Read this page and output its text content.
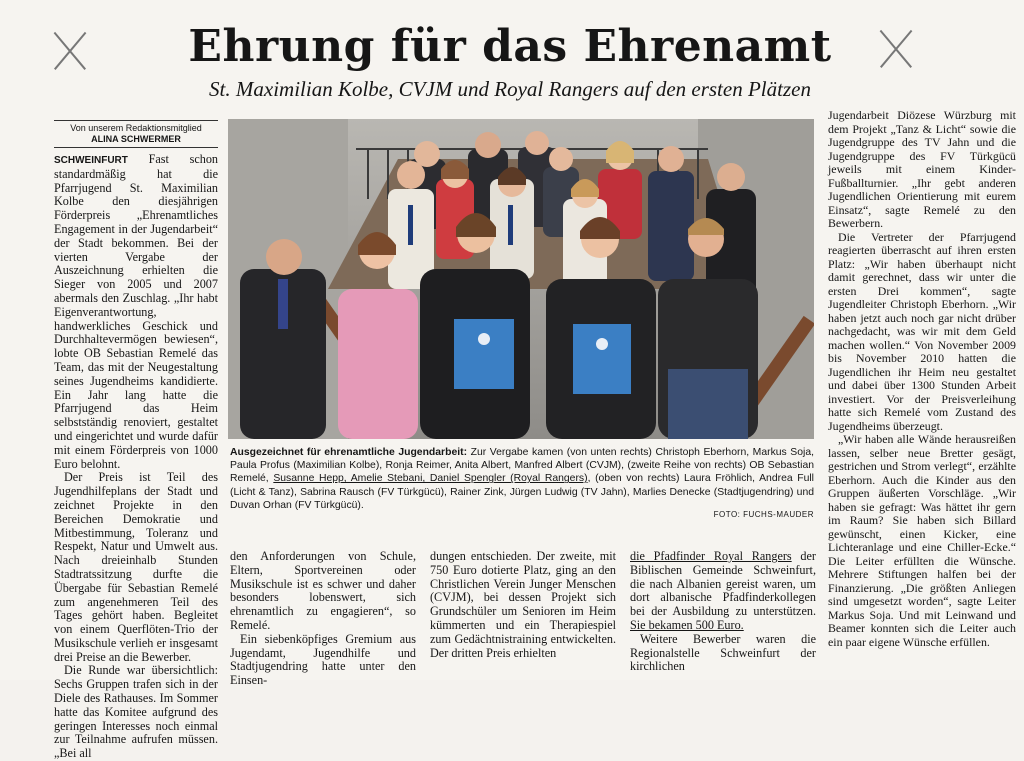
Ehrung für das Ehrenamt
St. Maximilian Kolbe, CVJM und Royal Rangers auf den ersten Plätzen
Von unserem Redaktionsmitglied
ALINA SCHWERMER

SCHWEINFURT Fast schon standardmäßig hat die Pfarrjugend St. Maximilian Kolbe den diesjährigen Förderpreis „Ehrenamtliches Engagement in der Jugendarbeit“ der Stadt bekommen. Bei der vierten Vergabe der Auszeichnung erhielten die Sieger von 2005 und 2007 abermals den Zuschlag. „Ihr habt Eigenverantwortung, handwerkliches Geschick und Durchhaltevermögen bewiesen“, lobte OB Sebastian Remelé das Team, das mit der Neugestaltung seines Jugendheims kandidierte. Ein Jahr lang hatte die Pfarrjugend das Heim selbstständig renoviert, gestaltet und eingerichtet und wurde dafür mit einem Förderpreis von 1000 Euro belohnt.

Der Preis ist Teil des Jugendhilfeplans der Stadt und zeichnet Projekte in den Bereichen Demokratie und Mitbestimmung, Toleranz und Respekt, Natur und Umwelt aus. Nach dreieinhalb Stunden Stadtratssitzung durfte die Übergabe für Sebastian Remelé zum angenehmeren Teil des Tages gehört haben. Begleitet von einem Querflöten-Trio der Musikschule verlieh er insgesamt drei Preise an die Bewerber.

Die Runde war übersichtlich: Sechs Gruppen trafen sich in der Diele des Rathauses. Im Sommer hatte das Komitee aufgrund des geringen Interesses noch einmal zur Teilnahme aufrufen müssen. „Bei all

Ausgezeichnet für ehrenamtliche Jugendarbeit: Zur Vergabe kamen (von unten rechts) Christoph Eberhorn, Markus Soja, Paula Profus (Maximilian Kolbe), Ronja Reimer, Anita Albert, Manfred Albert (CVJM), (zweite Reihe von rechts) OB Sebastian Remelé, Susanne Hepp, Amelie Stebani, Daniel Spengler (Royal Rangers), (oben von rechts) Laura Fröhlich, Andrea Full (Licht & Tanz), Sabrina Rausch (FV Türkgücü), Rainer Zink, Jürgen Ludwig (TV Jahn), Marlies Denecke (Stadtjugendring) und Duvan Orhan (FV Türkgücü).
FOTO: FUCHS-MAUDER

den Anforderungen von Schule, Eltern, Sportvereinen oder Musikschule ist es schwer und daher besonders lobenswert, sich ehrenamtlich zu engagieren“, so Remelé.

Ein siebenköpfiges Gremium aus Jugendamt, Jugendhilfe und Stadtjugendring hatte unter den Einsen-

dungen entschieden. Der zweite, mit 750 Euro dotierte Platz, ging an den Christlichen Verein Junger Menschen (CVJM), bei dessen Projekt sich Grundschüler um Senioren im Heim kümmerten und ein Therapiespiel zum Gedächtnistraining entwickelten. Der dritten Preis erhielten

die Pfadfinder Royal Rangers der Biblischen Gemeinde Schweinfurt, die nach Albanien gereist waren, um dort albanische Pfadfinderkollegen bei der Ausbildung zu unterstützen. Sie bekamen 500 Euro.

Weitere Bewerber waren die Regionalstelle Schweinfurt der kirchlichen

Jugendarbeit Diözese Würzburg mit dem Projekt „Tanz & Licht“ sowie die Jugendgruppe des TV Jahn und die Jugendgruppe des FV Türkgücü jeweils mit einem Kinder-Fußballturnier. „Ihr gebt anderen Jugendlichen Orientierung mit eurem Einsatz“, sagte Remelé zu den Bewerbern.

Die Vertreter der Pfarrjugend reagierten überrascht auf ihren ersten Platz: „Wir haben überhaupt nicht damit gerechnet, dass wir unter die ersten Drei kommen“, sagte Jugendleiter Christoph Eberhorn. „Wir haben jetzt auch noch gar nicht drüber nachgedacht, was wir mit dem Geld machen wollen.“ Von November 2009 bis November 2010 hatten die Jugendlichen ihr Heim neu gestaltet und dabei über 1300 Stunden Arbeit investiert. Vor der Preisverleihung hatte sich Remelé vom Zustand des Jugendheims überzeugt.

„Wir haben alle Wände herausreißen lassen, selber neue Bretter gesägt, gestrichen und Strom verlegt“, erzählte Eberhorn. Auch die Kinder aus den Gruppen äußerten Vorschläge. „Wir haben sie gefragt: Was hättet ihr gern im Raum? Sie haben sich Billard gewünscht, einen Kicker, eine Lichteranlage und eine Chiller-Ecke.“ Die Leiter erfüllten die Wünsche. Mehrere Stiftungen halfen bei der Finanzierung. „Die größten Anliegen sind umgesetzt worden“, sagte Leiter Markus Soja. Und mit Leinwand und Beamer konnten sich die Leiter auch ein paar eigene Wünsche erfüllen.
